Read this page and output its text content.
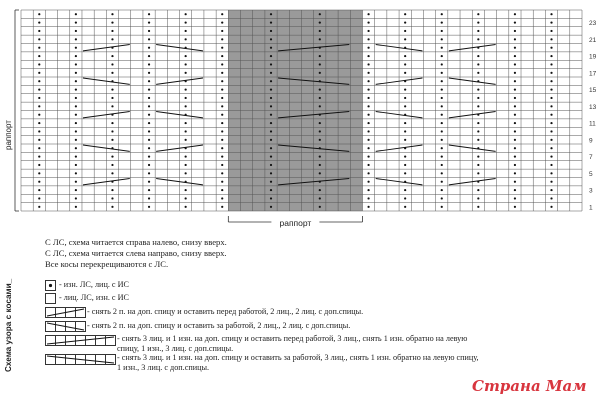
1
3
5
7
9
11
13
15
17
19
21
23
раппорт
раппорт
С ЛС, схема читается справа налево, снизу вверх.
С ЛС, схема читается слева направо, снизу вверх.
Все косы перекрещиваются с ЛС.
Схема узора с косами_	- изн. ЛС, лиц. с ИС
- лиц. ЛС, изн. с ИС
- снять 2 п. на доп. спицу и оставить перед работой, 2 лиц., 2 лиц. с доп.спицы.
- снять 2 п. на доп. спицу и оставить за работой, 2 лиц., 2 лиц. с доп.спицы.
- снять 3 лиц. и 1 изн. на доп. спицу и оставить перед работой, 3 лиц., снять 1 изн. обратно на левую
спицу, 1 изн., 3 лиц. с доп.спицы.
- снять 3 лиц. и 1 изн. на доп. спицу и оставить за работой, 3 лиц., снять 1 изн. обратно на левую спицу,
1 изн., 3 лиц. с доп.спицы.
Страна Мам
